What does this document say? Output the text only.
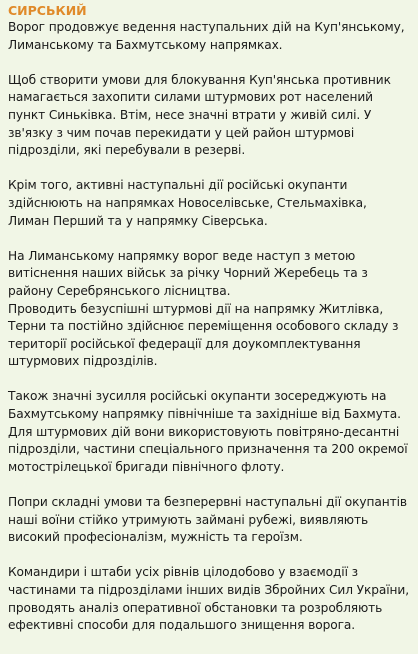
СИРСЬКИЙ

Ворог продовжує ведення наступальних дій на Куп'янському, Лиманському та Бахмутському напрямках.

Щоб створити умови для блокування Куп'янська противник намагається захопити силами штурмових рот населений пункт Синьківка. Втім, несе значні втрати у живій силі. У зв'язку з чим почав перекидати у цей район штурмові підрозділи, які перебували в резерві.

Крім того, активні наступальні дії російські окупанти здійснюють на напрямках Новоселівське, Стельмахівка, Лиман Перший та у напрямку Сіверська.

На Лиманському напрямку ворог веде наступ з метою витіснення наших військ за річку Чорний Жеребець та з району Серебрянського лісництва.

Проводить безуспішні штурмові дії на напрямку Житлівка, Терни та постійно здійснює переміщення особового складу з території російської федерації для доукомплектування штурмових підрозділів.

Також значні зусилля російські окупанти зосереджують на Бахмутському напрямку північніше та західніше від Бахмута.

Для штурмових дій вони використовують повітряно-десантні підрозділи, частини спеціального призначення та 200 окремої мотострілецької бригади північного флоту.

Попри складні умови та безперервні наступальні дії окупантів наші воїни стійко утримують займані рубежі, виявляють високий професіоналізм, мужність та героїзм.

Командири і штаби усіх рівнів цілодобово у взаємодії з частинами та підрозділами інших видів Збройних Сил України, проводять аналіз оперативної обстановки та розробляють ефективні способи для подальшого знищення ворога.
